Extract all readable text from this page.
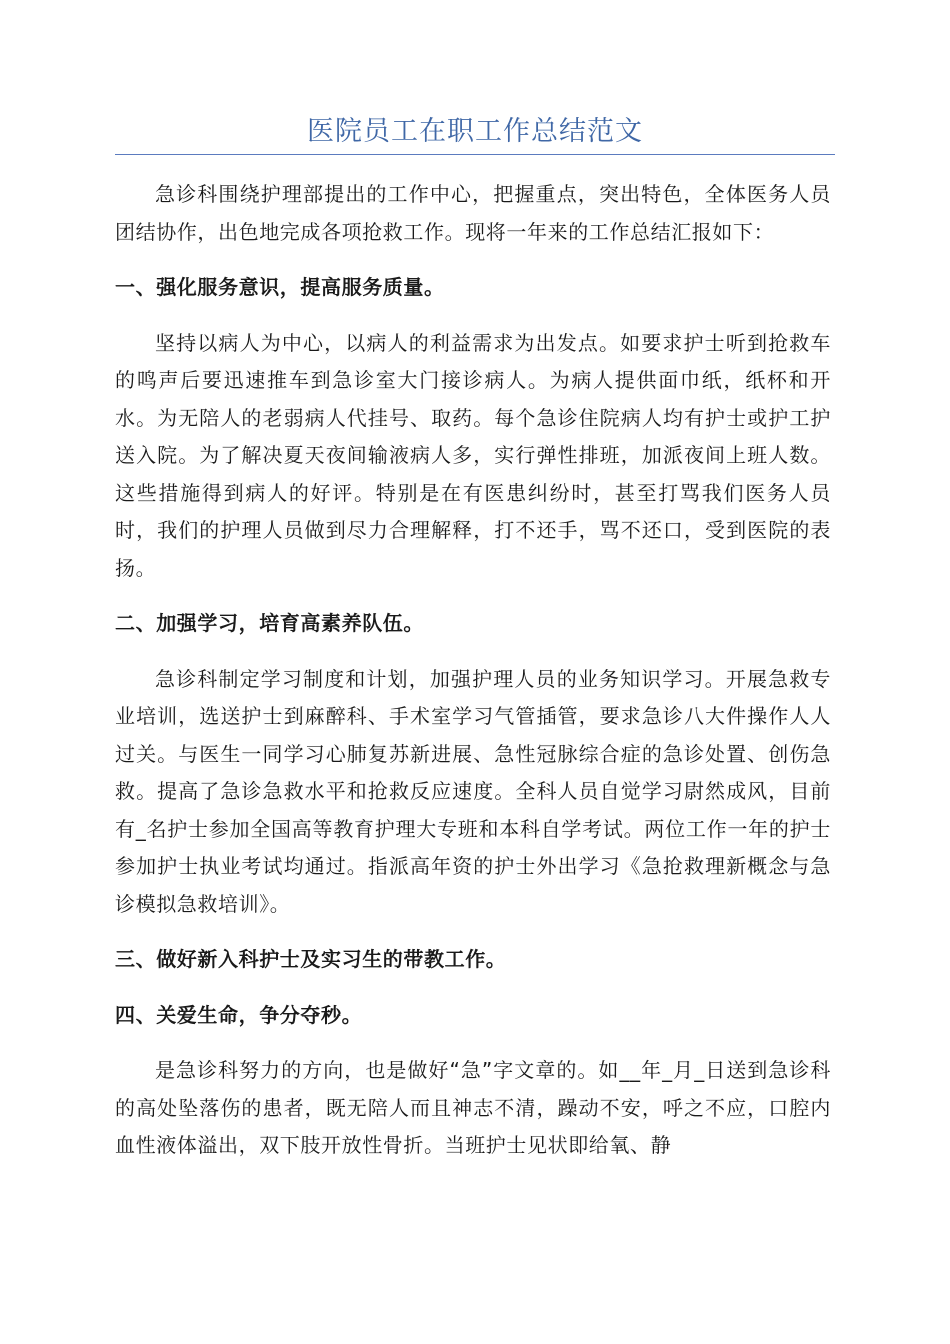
医院员工在职工作总结范文

急诊科围绕护理部提出的工作中心，把握重点，突出特色，全体医务人员团结协作，出色地完成各项抢救工作。现将一年来的工作总结汇报如下：

一、强化服务意识，提高服务质量。

坚持以病人为中心，以病人的利益需求为出发点。如要求护士听到抢救车的鸣声后要迅速推车到急诊室大门接诊病人。为病人提供面巾纸，纸杯和开水。为无陪人的老弱病人代挂号、取药。每个急诊住院病人均有护士或护工护送入院。为了解决夏天夜间输液病人多，实行弹性排班，加派夜间上班人数。这些措施得到病人的好评。特别是在有医患纠纷时，甚至打骂我们医务人员时，我们的护理人员做到尽力合理解释，打不还手，骂不还口，受到医院的表扬。

二、加强学习，培育高素养队伍。

急诊科制定学习制度和计划，加强护理人员的业务知识学习。开展急救专业培训，选送护士到麻醉科、手术室学习气管插管，要求急诊八大件操作人人过关。与医生一同学习心肺复苏新进展、急性冠脉综合症的急诊处置、创伤急救。提高了急诊急救水平和抢救反应速度。全科人员自觉学习尉然成风，目前有_名护士参加全国高等教育护理大专班和本科自学考试。两位工作一年的护士参加护士执业考试均通过。指派高年资的护士外出学习《急抢救理新概念与急诊模拟急救培训》。

三、做好新入科护士及实习生的带教工作。

四、关爱生命，争分夺秒。

是急诊科努力的方向，也是做好“急”字文章的。如__年_月_日送到急诊科的高处坠落伤的患者，既无陪人而且神志不清，躁动不安，呼之不应，口腔内血性液体溢出，双下肢开放性骨折。当班护士见状即给氧、静
